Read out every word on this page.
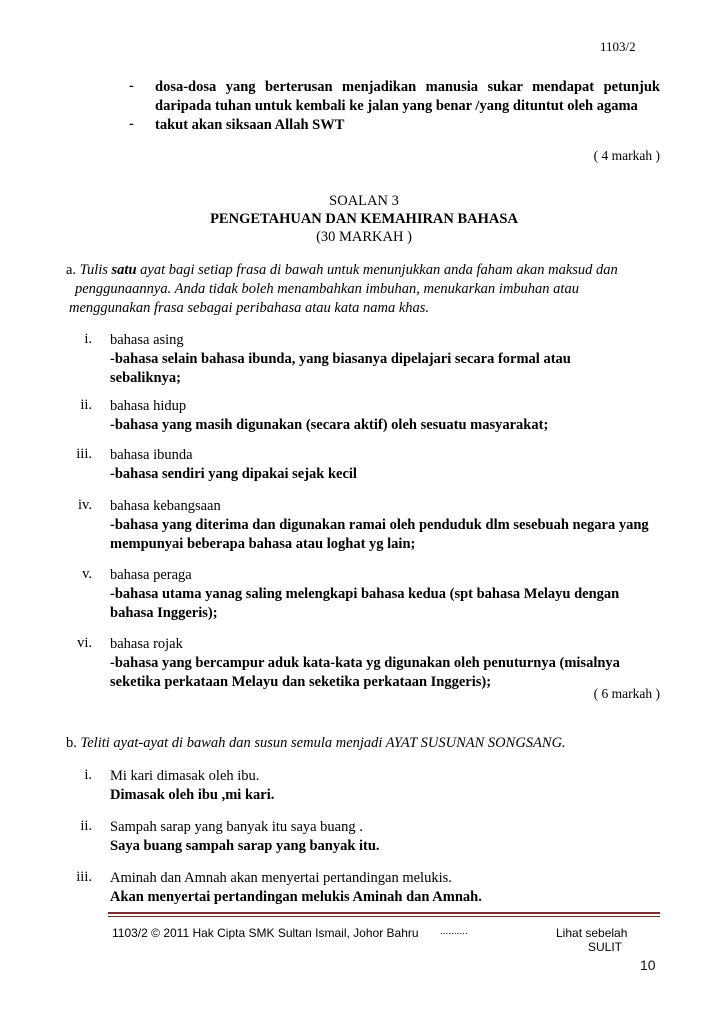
1103/2
- dosa-dosa yang berterusan menjadikan manusia sukar mendapat petunjuk
daripada tuhan untuk kembali ke jalan yang benar /yang dituntut oleh agama
- takut akan siksaan Allah SWT
( 4 markah )
SOALAN 3
PENGETAHUAN DAN KEMAHIRAN BAHASA
(30 MARKAH )
a. Tulis satu ayat bagi setiap frasa di bawah untuk menunjukkan anda faham akan maksud dan
penggunaannya. Anda tidak boleh menambahkan imbuhan, menukarkan imbuhan atau
menggunakan frasa sebagai peribahasa atau kata nama khas.
i. bahasa asing
-bahasa selain bahasa ibunda, yang biasanya dipelajari secara formal atau
sebaliknya;
ii. bahasa hidup
-bahasa yang masih digunakan (secara aktif) oleh sesuatu masyarakat;
iii. bahasa ibunda
-bahasa sendiri yang dipakai sejak kecil
iv. bahasa kebangsaan
-bahasa yang diterima dan digunakan ramai oleh penduduk dlm sesebuah negara yang
mempunyai beberapa bahasa atau loghat yg lain;
v. bahasa peraga
-bahasa utama yanag saling melengkapi bahasa kedua (spt bahasa Melayu dengan
bahasa Inggeris);
vi. bahasa rojak
-bahasa yang bercampur aduk kata-kata yg digunakan oleh penuturnya (misalnya
seketika perkataan Melayu dan seketika perkataan Inggeris);
( 6 markah )
b. Teliti ayat-ayat di bawah dan susun semula menjadi AYAT SUSUNAN SONGSANG.
i. Mi kari dimasak oleh ibu.
Dimasak oleh ibu ,mi kari.
ii. Sampah sarap yang banyak itu saya buang .
Saya buang sampah sarap yang banyak itu.
iii. Aminah dan Amnah akan menyertai pertandingan melukis.
Akan menyertai pertandingan melukis Aminah dan Amnah.
1103/2 © 2011 Hak Cipta SMK Sultan Ismail, Johor Bahru ..........	Lihat sebelah
SULIT
10
